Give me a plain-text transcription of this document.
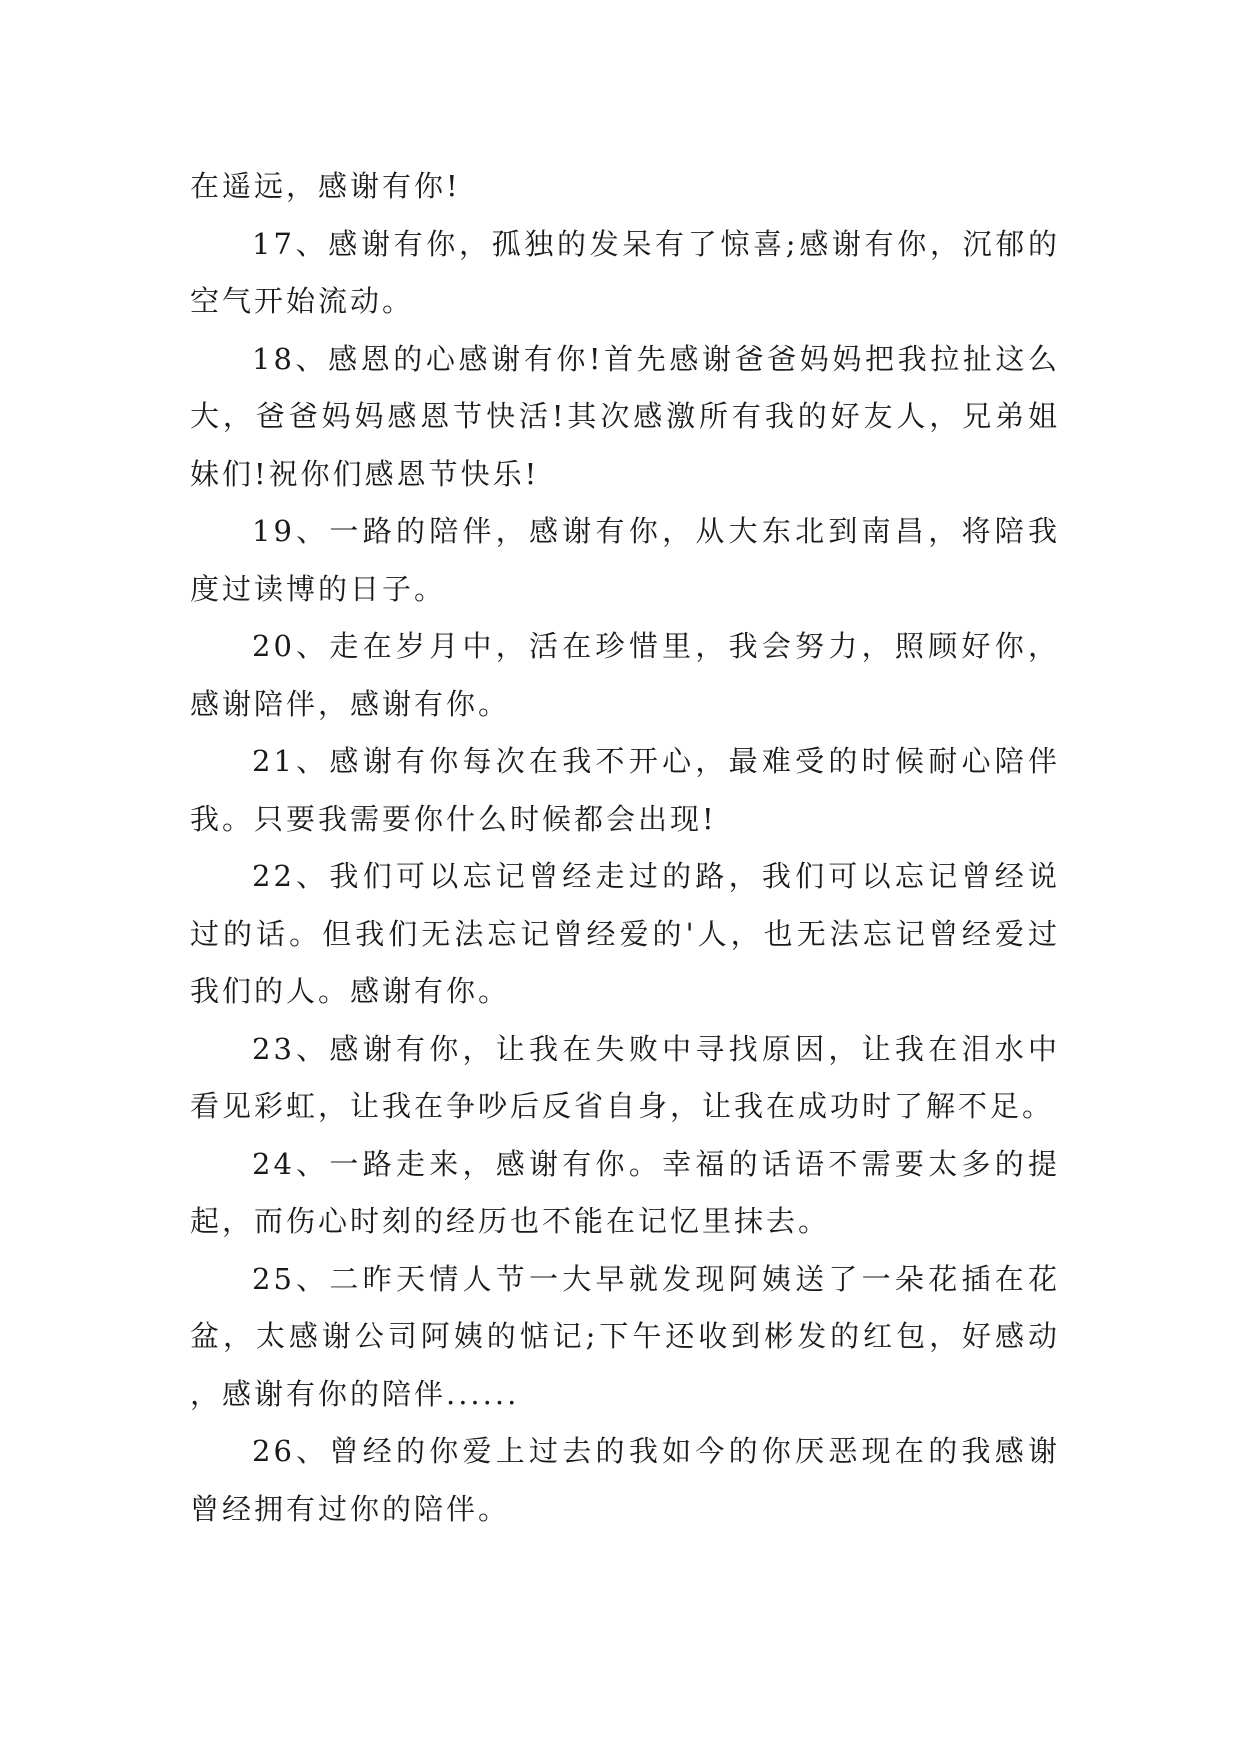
在遥远，感谢有你!

17、感谢有你，孤独的发呆有了惊喜;感谢有你，沉郁的空气开始流动。

18、感恩的心感谢有你!首先感谢爸爸妈妈把我拉扯这么大，爸爸妈妈感恩节快活!其次感激所有我的好友人，兄弟姐妹们!祝你们感恩节快乐!

19、一路的陪伴，感谢有你，从大东北到南昌，将陪我度过读博的日子。

20、走在岁月中，活在珍惜里，我会努力，照顾好你，感谢陪伴，感谢有你。

21、感谢有你每次在我不开心，最难受的时候耐心陪伴我。只要我需要你什么时候都会出现!

22、我们可以忘记曾经走过的路，我们可以忘记曾经说过的话。但我们无法忘记曾经爱的'人，也无法忘记曾经爱过我们的人。感谢有你。

23、感谢有你，让我在失败中寻找原因，让我在泪水中看见彩虹，让我在争吵后反省自身，让我在成功时了解不足。

24、一路走来，感谢有你。幸福的话语不需要太多的提起，而伤心时刻的经历也不能在记忆里抹去。

25、二昨天情人节一大早就发现阿姨送了一朵花插在花盆，太感谢公司阿姨的惦记;下午还收到彬发的红包，好感动，感谢有你的陪伴......

26、曾经的你爱上过去的我如今的你厌恶现在的我感谢曾经拥有过你的陪伴。
